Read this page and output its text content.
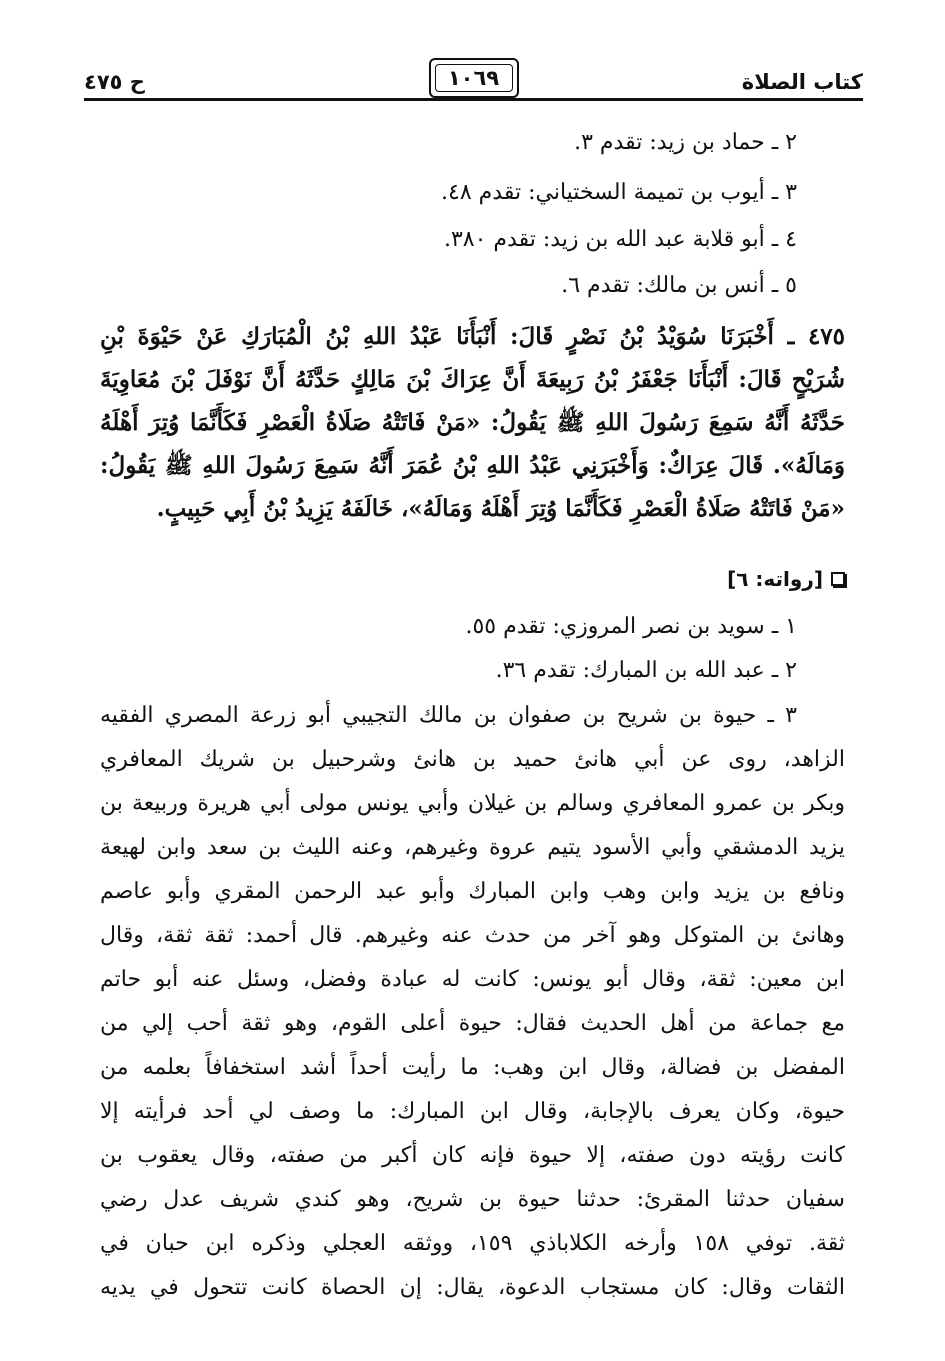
كتاب الصلاة
١٠٦٩
ح ٤٧٥
٢ ـ حماد بن زيد: تقدم ٣.
٣ ـ أيوب بن تميمة السختياني: تقدم ٤٨.
٤ ـ أبو قلابة عبد الله بن زيد: تقدم ٣٨٠.
٥ ـ أنس بن مالك: تقدم ٦.
٤٧٥ ـ أَخْبَرَنَا سُوَيْدُ بْنُ نَصْرٍ قَالَ: أَنْبَأَنَا عَبْدُ اللهِ بْنُ الْمُبَارَكِ عَنْ حَيْوَةَ بْنِ
شُرَيْحٍ قَالَ: أَنْبَأَنَا جَعْفَرُ بْنُ رَبِيعَةَ أَنَّ عِرَاكَ بْنَ مَالِكٍ حَدَّثَهُ أَنَّ نَوْفَلَ بْنَ مُعَاوِيَةَ
حَدَّثَهُ أَنَّهُ سَمِعَ رَسُولَ اللهِ ﷺ يَقُولُ: «مَنْ فَاتَتْهُ صَلَاةُ الْعَصْرِ فَكَأَنَّمَا وُتِرَ أَهْلَهُ
وَمَالَهُ». قَالَ عِرَاكٌ: وَأَخْبَرَنِي عَبْدُ اللهِ بْنُ عُمَرَ أَنَّهُ سَمِعَ رَسُولَ اللهِ ﷺ يَقُولُ:
«مَنْ فَاتَتْهُ صَلَاةُ الْعَصْرِ فَكَأَنَّمَا وُتِرَ أَهْلَهُ وَمَالَهُ»، خَالَفَهُ يَزِيدُ بْنُ أَبِي حَبِيبٍ.
[رواته: ٦]
١ ـ سويد بن نصر المروزي: تقدم ٥٥.
٢ ـ عبد الله بن المبارك: تقدم ٣٦.
٣ ـ حيوة بن شريح بن صفوان بن مالك التجيبي أبو زرعة المصري الفقيه
الزاهد، روى عن أبي هانئ حميد بن هانئ وشرحبيل بن شريك المعافري
وبكر بن عمرو المعافري وسالم بن غيلان وأبي يونس مولى أبي هريرة وربيعة بن
يزيد الدمشقي وأبي الأسود يتيم عروة وغيرهم، وعنه الليث بن سعد وابن لهيعة
ونافع بن يزيد وابن وهب وابن المبارك وأبو عبد الرحمن المقري وأبو عاصم
وهانئ بن المتوكل وهو آخر من حدث عنه وغيرهم. قال أحمد: ثقة ثقة، وقال
ابن معين: ثقة، وقال أبو يونس: كانت له عبادة وفضل، وسئل عنه أبو حاتم
مع جماعة من أهل الحديث فقال: حيوة أعلى القوم، وهو ثقة أحب إلي من
المفضل بن فضالة، وقال ابن وهب: ما رأيت أحداً أشد استخفافاً بعلمه من
حيوة، وكان يعرف بالإجابة، وقال ابن المبارك: ما وصف لي أحد فرأيته إلا
كانت رؤيته دون صفته، إلا حيوة فإنه كان أكبر من صفته، وقال يعقوب بن
سفيان حدثنا المقرئ: حدثنا حيوة بن شريح، وهو كندي شريف عدل رضي
ثقة. توفي ١٥٨ وأرخه الكلاباذي ١٥٩، ووثقه العجلي وذكره ابن حبان في
الثقات وقال: كان مستجاب الدعوة، يقال: إن الحصاة كانت تتحول في يديه
